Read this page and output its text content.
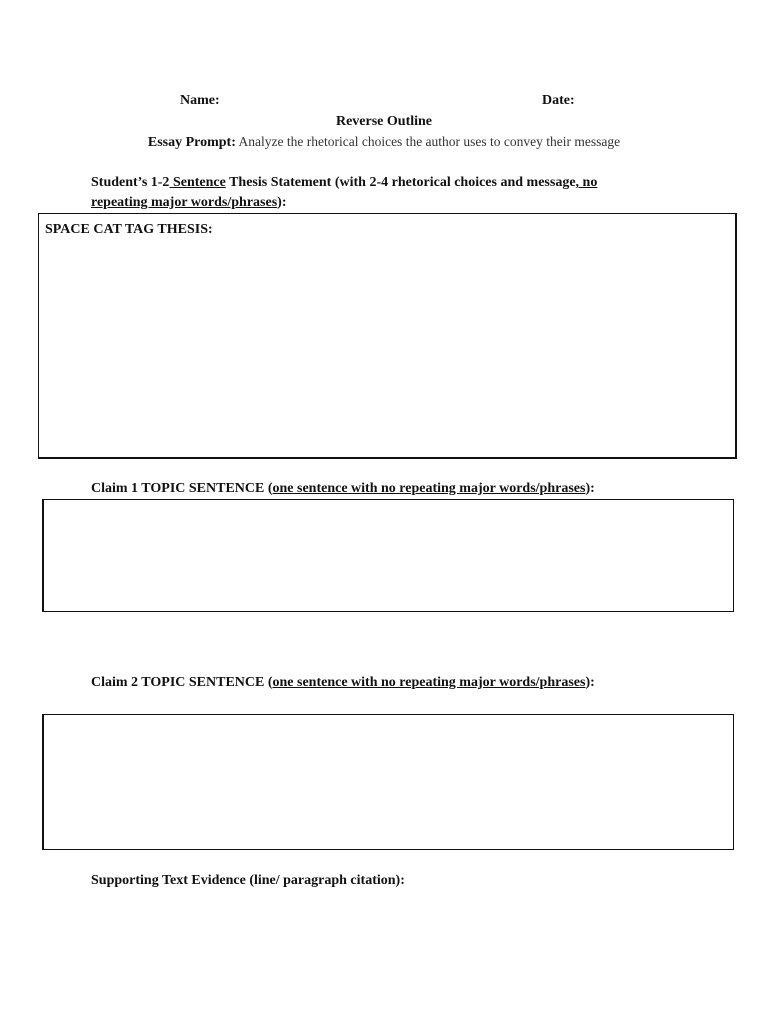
Name:	Date:
Reverse Outline
Essay Prompt: Analyze the rhetorical choices the author uses to convey their message
Student’s 1-2 Sentence Thesis Statement (with 2-4 rhetorical choices and message, no
repeating major words/phrases):
SPACE CAT TAG THESIS:
Claim 1 TOPIC SENTENCE (one sentence with no repeating major words/phrases):
Claim 2 TOPIC SENTENCE (one sentence with no repeating major words/phrases):
Supporting Text Evidence (line/ paragraph citation):
